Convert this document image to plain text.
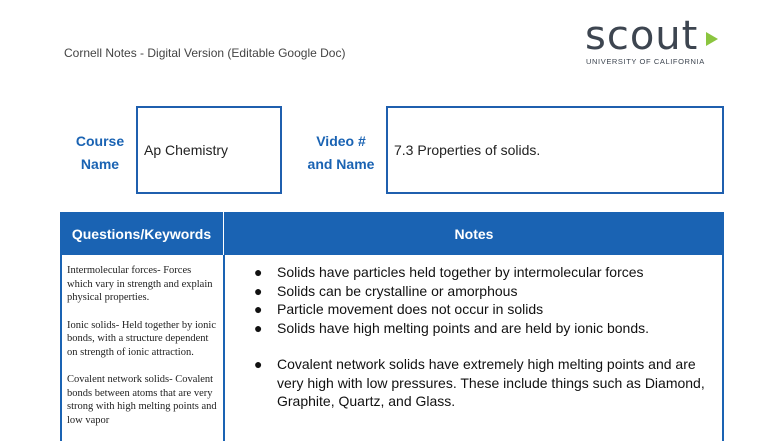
Cornell Notes - Digital Version (Editable Google Doc)	scout
UNIVERSITY OF CALIFORNIA
Course
Name
Ap Chemistry
Video #
and Name
7.3 Properties of solids.
Questions/Keywords	Notes

Intermolecular forces- Forces which vary in strength and explain physical properties.

Ionic solids- Held together by ionic bonds, with a structure dependent on strength of ionic attraction.

Covalent network solids- Covalent bonds between atoms that are very strong with high melting points and low vapor

● Solids have particles held together by intermolecular forces
● Solids can be crystalline or amorphous
● Particle movement does not occur in solids
● Solids have high melting points and are held by ionic bonds.
● Covalent network solids have extremely high melting points and are very high with low pressures. These include things such as Diamond, Graphite, Quartz, and Glass.
